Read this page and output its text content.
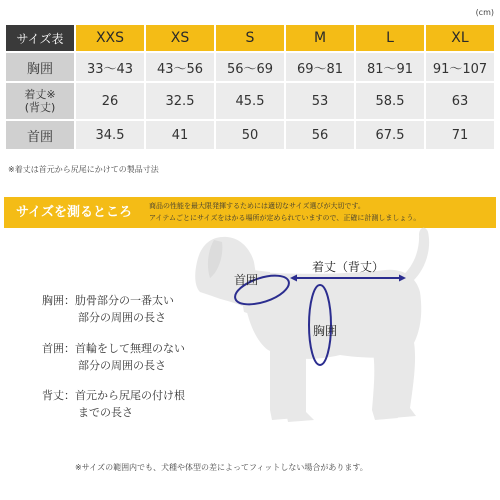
(cm)
サイズ表	XXS	XS	S	M	L	XL
胸囲	33〜43	43〜56	56〜69	69〜81	81〜91	91〜107

着丈※
(背丈)	26	32.5	45.5	53	58.5	63
首囲	34.5	41	50	56	67.5	71
※着丈は首元から尻尾にかけての製品寸法
サイズを測るところ 商品の性能を最大限発揮するためには適切なサイズ選びが大切です。
アイテムごとにサイズをはかる場所が定められていますので、正確に計測しましょう。
首囲
着丈（背丈）
胸囲
胸囲：肋骨部分の一番太い
部分の周囲の長さ
首囲：首輪をして無理のない
部分の周囲の長さ
背丈：首元から尻尾の付け根
までの長さ
※サイズの範囲内でも、犬種や体型の差によってフィットしない場合があります。
